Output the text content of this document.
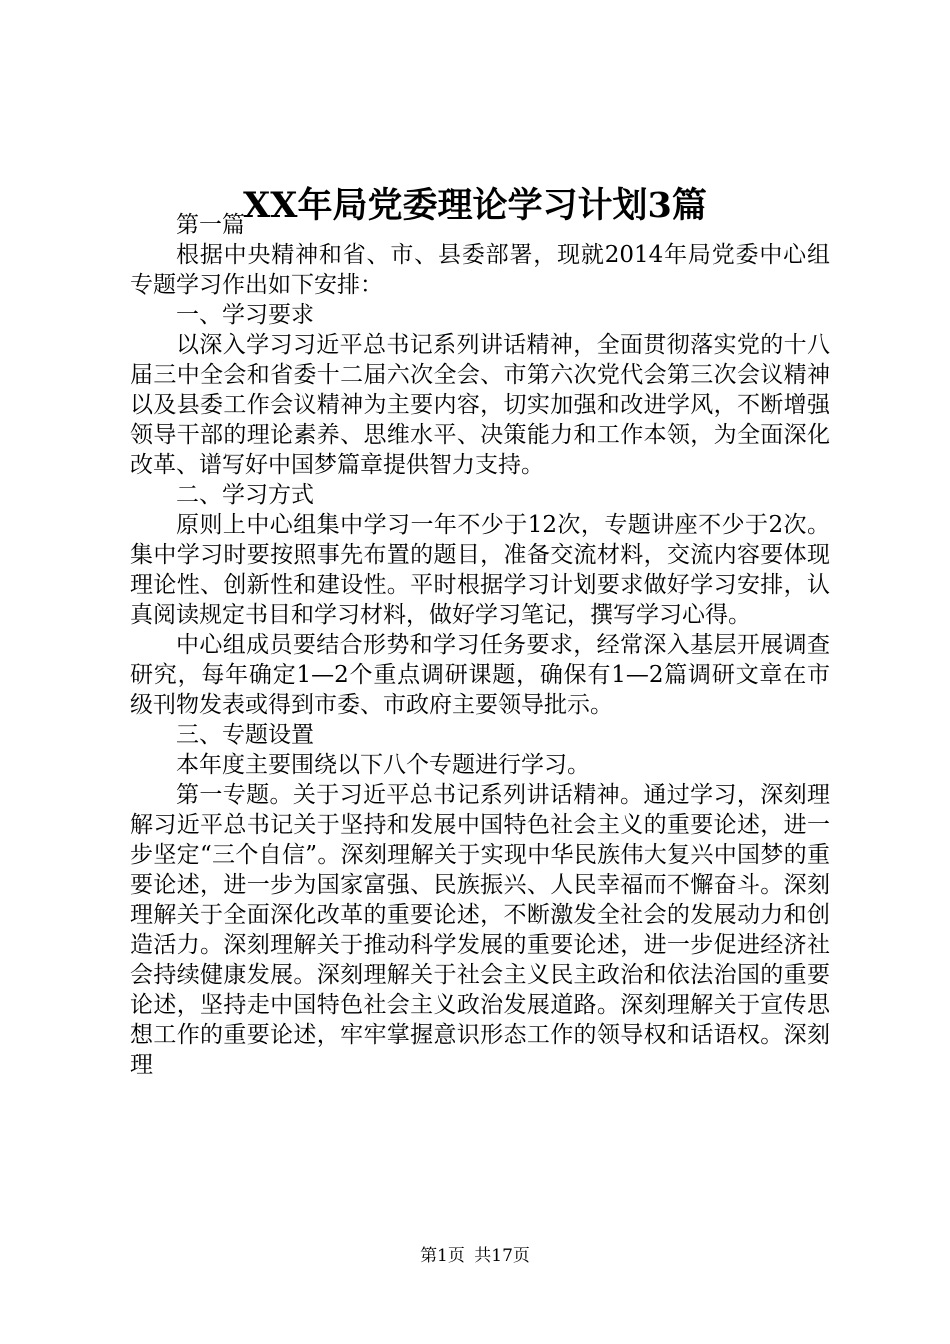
XX年局党委理论学习计划3篇

第一篇

根据中央精神和省、市、县委部署，现就2014年局党委中心组专题学习作出如下安排：

一、学习要求

以深入学习习近平总书记系列讲话精神，全面贯彻落实党的十八届三中全会和省委十二届六次全会、市第六次党代会第三次会议精神以及县委工作会议精神为主要内容，切实加强和改进学风，不断增强领导干部的理论素养、思维水平、决策能力和工作本领，为全面深化改革、谱写好中国梦篇章提供智力支持。

二、学习方式

原则上中心组集中学习一年不少于12次，专题讲座不少于2次。集中学习时要按照事先布置的题目，准备交流材料，交流内容要体现理论性、创新性和建设性。平时根据学习计划要求做好学习安排，认真阅读规定书目和学习材料，做好学习笔记，撰写学习心得。

中心组成员要结合形势和学习任务要求，经常深入基层开展调查研究，每年确定1—2个重点调研课题，确保有1—2篇调研文章在市级刊物发表或得到市委、市政府主要领导批示。

三、专题设置

本年度主要围绕以下八个专题进行学习。

第一专题。关于习近平总书记系列讲话精神。通过学习，深刻理解习近平总书记关于坚持和发展中国特色社会主义的重要论述，进一步坚定“三个自信”。深刻理解关于实现中华民族伟大复兴中国梦的重要论述，进一步为国家富强、民族振兴、人民幸福而不懈奋斗。深刻理解关于全面深化改革的重要论述，不断激发全社会的发展动力和创造活力。深刻理解关于推动科学发展的重要论述，进一步促进经济社会持续健康发展。深刻理解关于社会主义民主政治和依法治国的重要论述，坚持走中国特色社会主义政治发展道路。深刻理解关于宣传思想工作的重要论述，牢牢掌握意识形态工作的领导权和话语权。深刻理

第1页 共17页
